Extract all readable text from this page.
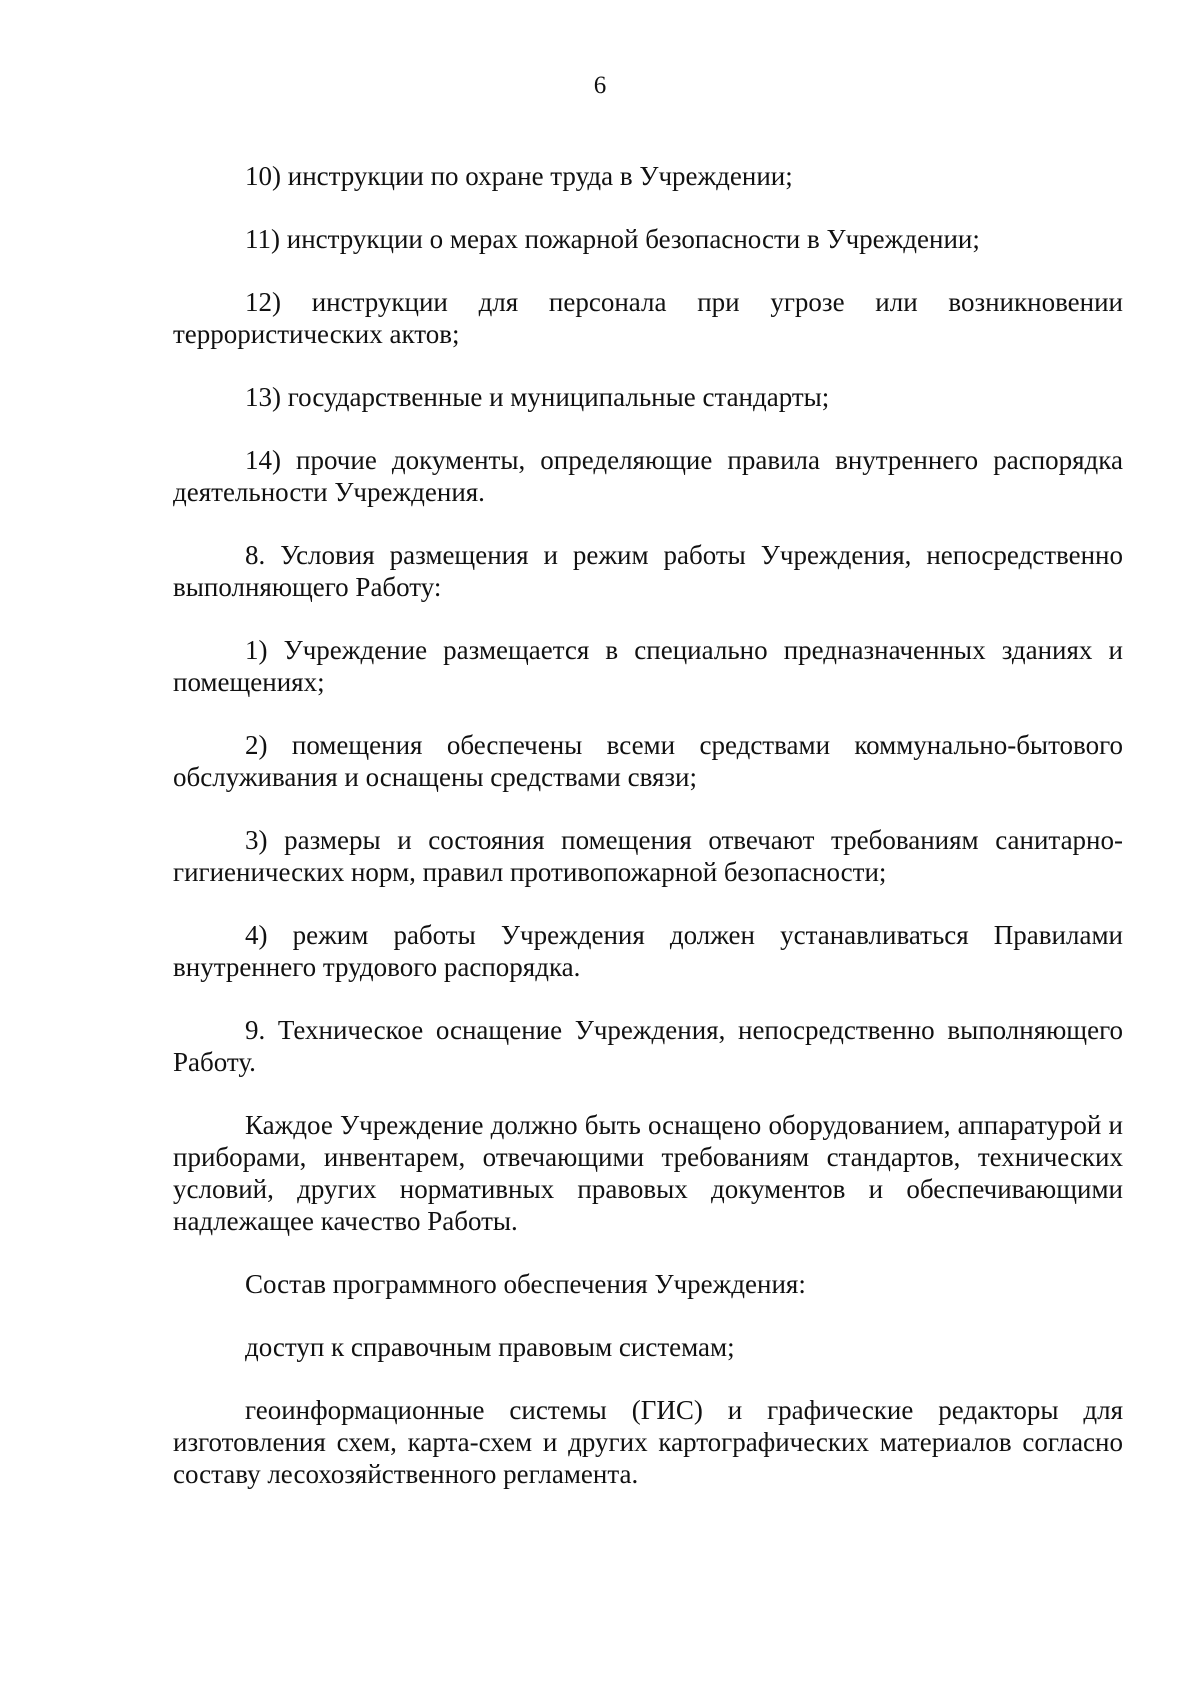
6

10) инструкции по охране труда в Учреждении;

11) инструкции о мерах пожарной безопасности в Учреждении;

12) инструкции для персонала при угрозе или возникновении террористических актов;

13) государственные и муниципальные стандарты;

14) прочие документы, определяющие правила внутреннего распорядка деятельности Учреждения.

8. Условия размещения и режим работы Учреждения, непосредственно выполняющего Работу:

1) Учреждение размещается в специально предназначенных зданиях и помещениях;

2) помещения обеспечены всеми средствами коммунально-бытового обслуживания и оснащены средствами связи;

3) размеры и состояния помещения отвечают требованиям санитарно-гигиенических норм, правил противопожарной безопасности;

4) режим работы Учреждения должен устанавливаться Правилами внутреннего трудового распорядка.

9. Техническое оснащение Учреждения, непосредственно выполняющего Работу.

Каждое Учреждение должно быть оснащено оборудованием, аппаратурой и приборами, инвентарем, отвечающими требованиям стандартов, технических условий, других нормативных правовых документов и обеспечивающими надлежащее качество Работы.

Состав программного обеспечения Учреждения:

доступ к справочным правовым системам;

геоинформационные системы (ГИС) и графические редакторы для изготовления схем, карта-схем и других картографических материалов согласно составу лесохозяйственного регламента.
